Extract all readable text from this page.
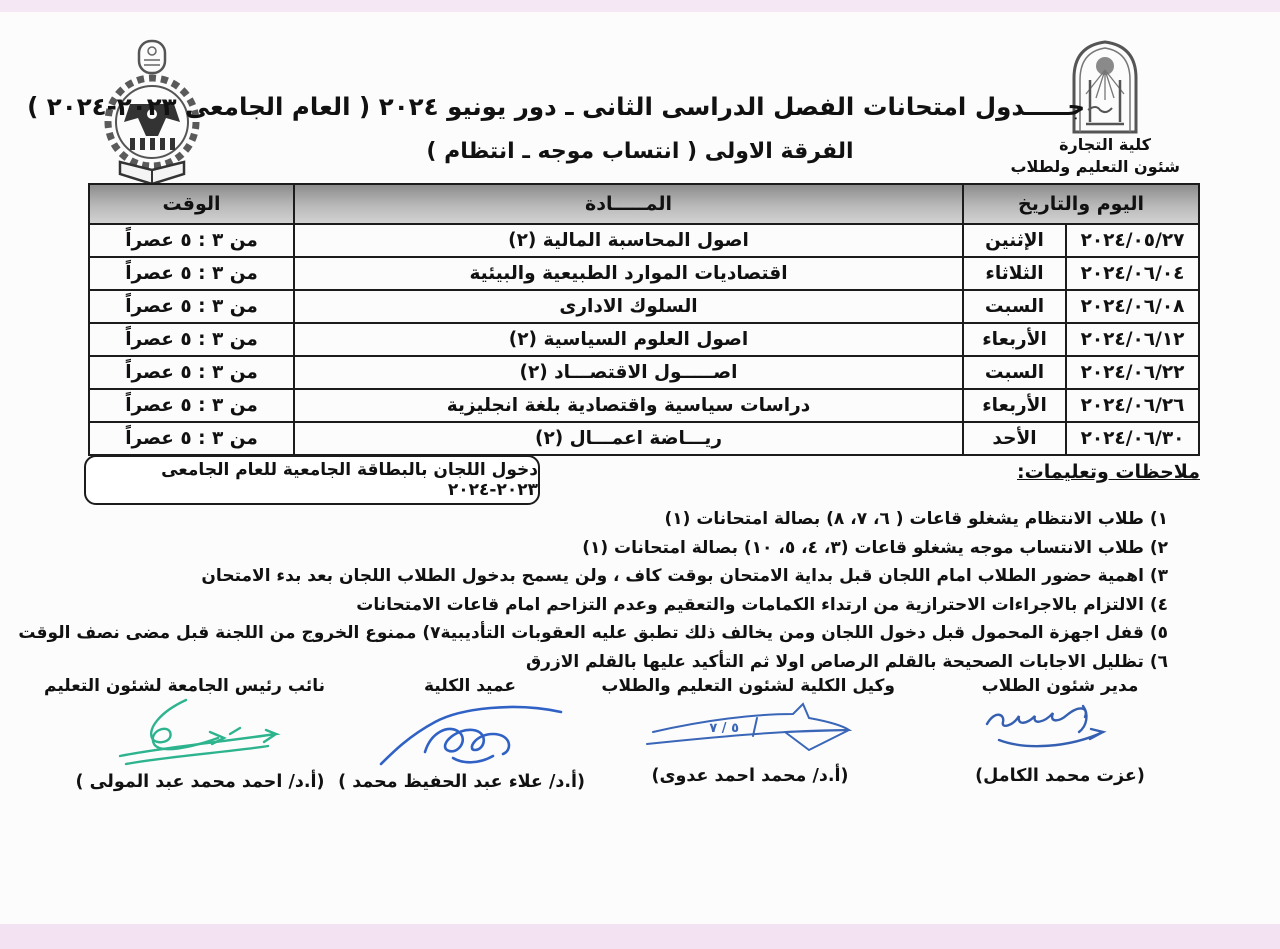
كلية التجارة
شئون التعليم ولطلاب
جـــــدول امتحانات الفصل الدراسى الثانى ـ دور يونيو ٢٠٢٤ ( العام الجامعى ٢٠٢٣-٢٠٢٤ )
الفرقة الاولى ( انتساب موجه ـ انتظام )
اليوم والتاريخ		المـــــادة	الوقت
٢٠٢٤/٠٥/٢٧	الإثنين	اصول المحاسبة المالية (٢)	من ٣ : ٥ عصراً
٢٠٢٤/٠٦/٠٤	الثلاثاء	اقتصاديات الموارد الطبيعية والبيئية	من ٣ : ٥ عصراً
٢٠٢٤/٠٦/٠٨	السبت	السلوك الادارى	من ٣ : ٥ عصراً
٢٠٢٤/٠٦/١٢	الأربعاء	اصول العلوم السياسية (٢)	من ٣ : ٥ عصراً
٢٠٢٤/٠٦/٢٢	السبت	اصـــــول الاقتصـــاد (٢)	من ٣ : ٥ عصراً
٢٠٢٤/٠٦/٢٦	الأربعاء	دراسات سياسية واقتصادية بلغة انجليزية	من ٣ : ٥ عصراً
٢٠٢٤/٠٦/٣٠	الأحد	ريـــاضة اعمـــال (٢)	من ٣ : ٥ عصراً
ملاحظات وتعليمات:
دخول اللجان بالبطاقة الجامعية للعام الجامعى ٢٠٢٣-٢٠٢٤
١) طلاب الانتظام يشغلو قاعات ( ٦، ٧، ٨) بصالة امتحانات (١)
٢) طلاب الانتساب موجه يشغلو قاعات (٣، ٤، ٥، ١٠) بصالة امتحانات (١)
٣) اهمية حضور الطلاب امام اللجان قبل بداية الامتحان بوقت كاف ، ولن يسمح بدخول الطلاب اللجان بعد بدء الامتحان
٤) الالتزام بالاجراءات الاحترازية من ارتداء الكمامات والتعقيم وعدم التزاحم امام قاعات الامتحانات
٥) قفل اجهزة المحمول قبل دخول اللجان ومن يخالف ذلك تطبق عليه العقوبات التأديبية
٧) ممنوع الخروج من اللجنة قبل مضى نصف الوقت
٦) تظليل الاجابات الصحيحة بالقلم الرصاص اولا ثم التأكيد عليها بالقلم الازرق
مدير شئون الطلاب
(عزت محمد الكامل)
وكيل الكلية لشئون التعليم والطلاب
٥ / ٧
(أ.د/ محمد احمد عدوى)
عميد الكلية
(أ.د/ علاء عبد الحفيظ محمد )
نائب رئيس الجامعة لشئون التعليم
(أ.د/ احمد محمد عبد المولى )
